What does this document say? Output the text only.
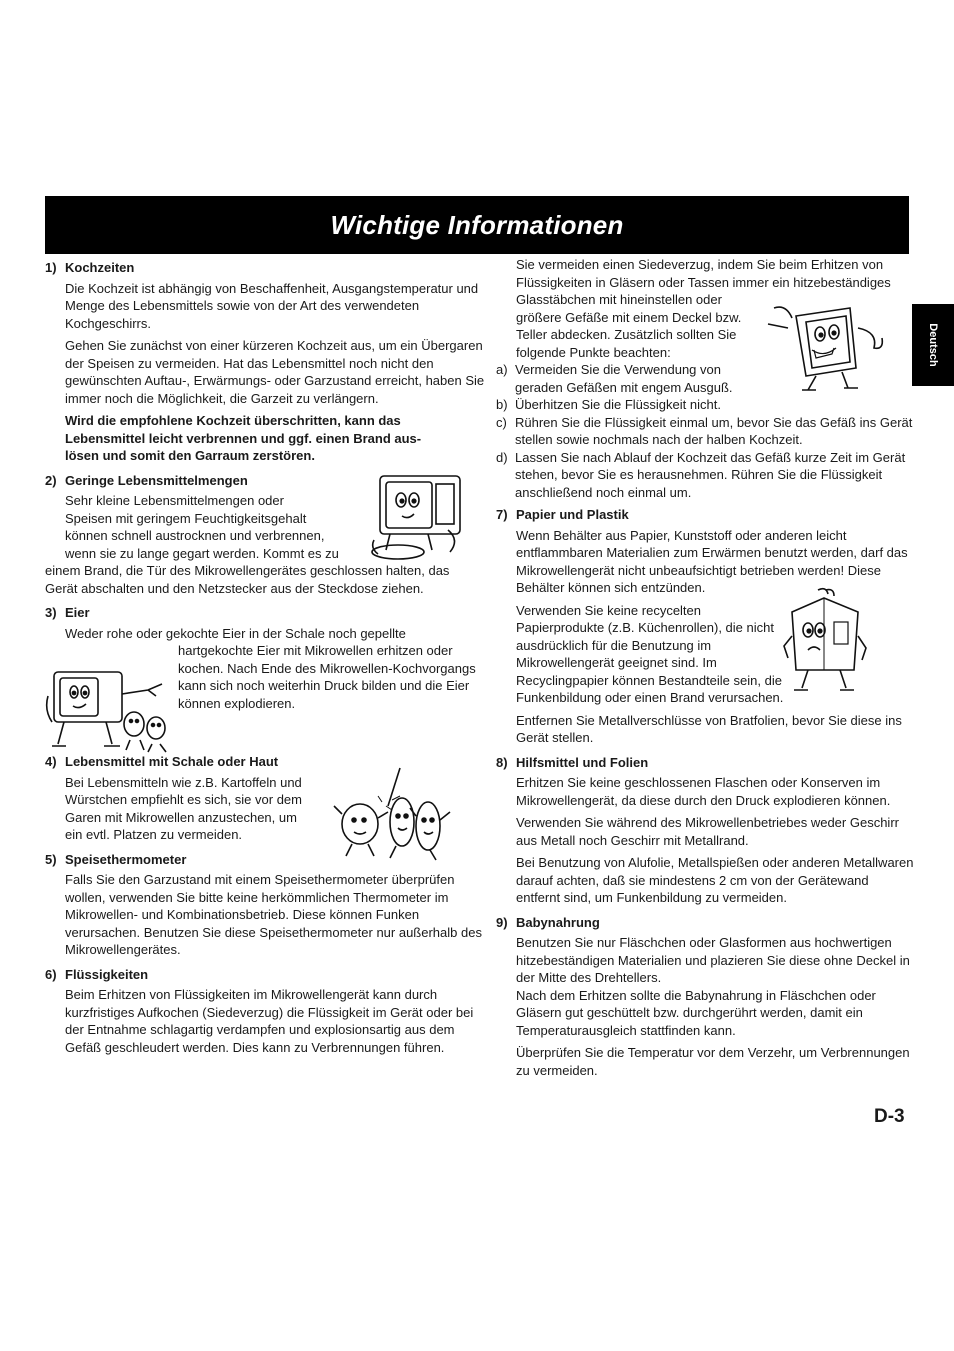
Wichtige Informationen
Deutsch
1) Kochzeiten
Die Kochzeit ist abhängig von Beschaffenheit, Ausgangstemperatur und Menge des Lebensmittels sowie von der Art des verwendeten Kochgeschirrs.
Gehen Sie zunächst von einer kürzeren Kochzeit aus, um ein Übergaren der Speisen zu vermeiden. Hat das Lebensmittel noch nicht den gewünschten Auftau-, Erwärmungs- oder Garzustand erreicht, haben Sie immer noch die Möglichkeit, die Garzeit zu verlängern.
Wird die empfohlene Kochzeit überschritten, kann das Lebensmittel leicht verbrennen und ggf. einen Brand aus-lösen und somit den Garraum zerstören.
2) Geringe Lebensmittelmengen
Sehr kleine Lebensmittelmengen oder
Speisen mit geringem Feuchtigkeitsgehalt
können schnell austrocknen und verbrennen,
wenn sie zu lange gegart werden. Kommt es zu
einem Brand, die Tür des Mikrowellengerätes geschlossen halten, das Gerät abschalten und den Netzstecker aus der Steckdose ziehen.
3) Eier
Weder rohe oder gekochte Eier in der Schale noch gepellte
hartgekochte Eier mit Mikrowellen erhitzen oder kochen. Nach Ende des Mikrowellen-Kochvorgangs kann sich noch weiterhin Druck bilden und die Eier können explodieren.
4) Lebensmittel mit Schale oder Haut
Bei Lebensmitteln wie z.B. Kartoffeln und Würstchen empfiehlt es sich, sie vor dem Garen mit Mikrowellen anzustechen, um ein evtl. Platzen zu vermeiden.
5) Speisethermometer
Falls Sie den Garzustand mit einem Speisethermometer überprüfen wollen, verwenden Sie bitte keine herkömmlichen Thermometer im Mikrowellen- und Kombinationsbetrieb. Diese können Funken verursachen. Benutzen Sie diese Speisethermometer nur außerhalb des Mikrowellengerätes.
6) Flüssigkeiten
Beim Erhitzen von Flüssigkeiten im Mikrowellengerät kann durch kurzfristiges Aufkochen (Siedeverzug) die Flüssigkeit im Gerät oder bei der Entnahme schlagartig verdampfen und explosionsartig aus dem Gefäß geschleudert werden. Dies kann zu Verbrennungen führen.
Sie vermeiden einen Siedeverzug, indem Sie beim Erhitzen von Flüssigkeiten in Gläsern oder Tassen immer ein hitzebeständiges
Glasstäbchen mit hineinstellen oder größere Gefäße mit einem Deckel bzw. Teller abdecken. Zusätzlich sollten Sie folgende Punkte beachten:
a) Vermeiden Sie die Verwendung von geraden Gefäßen mit engem Ausguß.
b) Überhitzen Sie die Flüssigkeit nicht.
c) Rühren Sie die Flüssigkeit einmal um, bevor Sie das Gefäß ins Gerät stellen sowie nochmals nach der halben Kochzeit.
d) Lassen Sie nach Ablauf der Kochzeit das Gefäß kurze Zeit im Gerät stehen, bevor Sie es herausnehmen. Rühren Sie die Flüssigkeit anschließend noch einmal um.
7) Papier und Plastik
Wenn Behälter aus Papier, Kunststoff oder anderen leicht entflammbaren Materialien zum Erwärmen benutzt werden, darf das Mikrowellengerät nicht unbeaufsichtigt betrieben werden! Diese Behälter können sich entzünden.
Verwenden Sie keine recycelten Papierprodukte (z.B. Küchenrollen), die nicht ausdrücklich für die Benutzung im Mikrowellengerät geeignet sind. Im Recyclingpapier können Bestandteile sein, die Funkenbildung oder einen Brand verursachen.
Entfernen Sie Metallverschlüsse von Bratfolien, bevor Sie diese ins Gerät stellen.
8) Hilfsmittel und Folien
Erhitzen Sie keine geschlossenen Flaschen oder Konserven im Mikrowellengerät, da diese durch den Druck explodieren können.
Verwenden Sie während des Mikrowellenbetriebes weder Geschirr aus Metall noch Geschirr mit Metallrand.
Bei Benutzung von Alufolie, Metallspießen oder anderen Metallwaren darauf achten, daß sie mindestens 2 cm von der Gerätewand entfernt sind, um Funkenbildung zu vermeiden.
9) Babynahrung
Benutzen Sie nur Fläschchen oder Glasformen aus hochwertigen hitzebeständigen Materialien und plazieren Sie diese ohne Deckel in der Mitte des Drehtellers.
Nach dem Erhitzen sollte die Babynahrung in Fläschchen oder Gläsern gut geschüttelt bzw. durchgerührt werden, damit ein Temperaturausgleich stattfinden kann.
Überprüfen Sie die Temperatur vor dem Verzehr, um Verbrennungen zu vermeiden.
D-3
